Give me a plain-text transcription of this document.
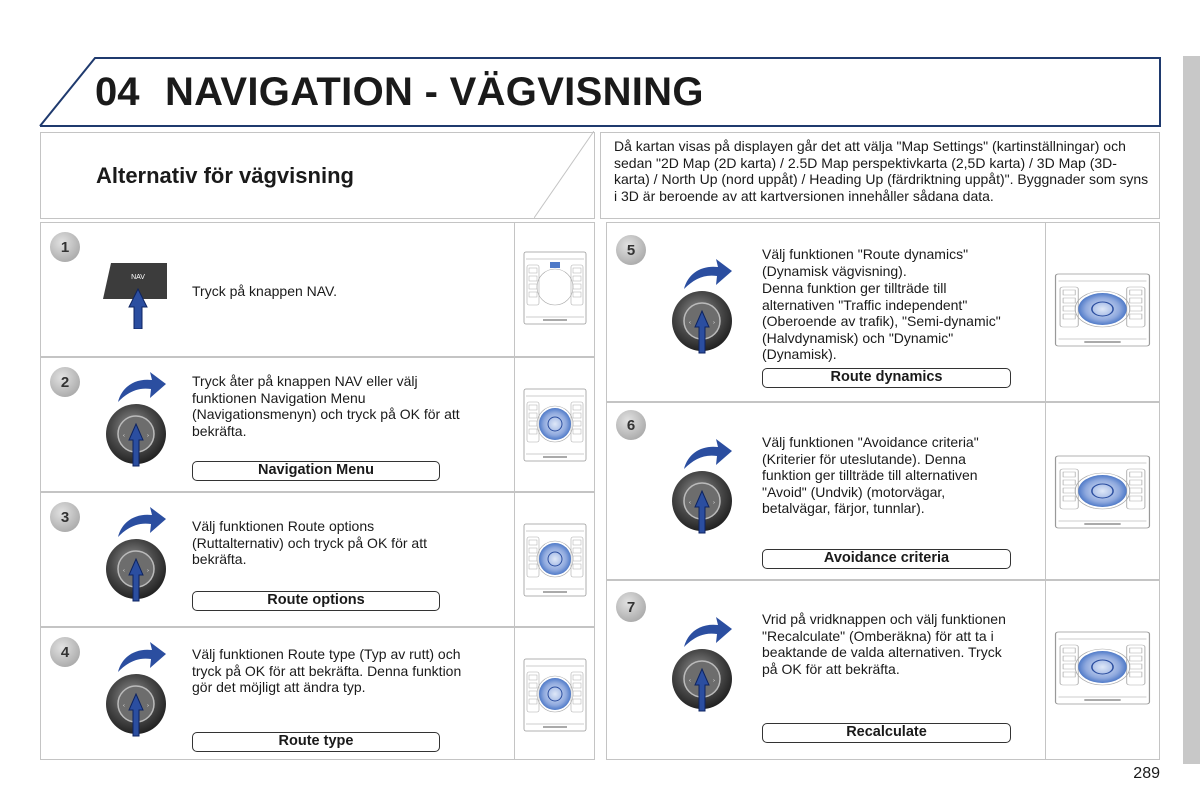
04 NAVIGATION - VÄGVISNING
Alternativ för vägvisning
Då kartan visas på displayen går det att välja "Map Settings" (kartinställningar) och sedan "2D Map (2D karta) / 2.5D Map perspektivkarta (2,5D karta) / 3D Map (3D-karta) / North Up (nord uppåt) / Heading Up (färdriktning uppåt)". Byggnader som syns i 3D är beroende av att kartversionen innehåller sådana data.
1
NAV
Tryck på knappen NAV.
2	Tryck åter på knappen NAV eller välj funktionen Navigation Menu (Navigationsmenyn) och tryck på OK för att bekräfta.
Navigation Menu
3
Välj funktionen Route options (Ruttalternativ) och tryck på OK för att bekräfta.
Route options
4	Välj funktionen Route type (Typ av rutt) och tryck på OK för att bekräfta. Denna funktion gör det möjligt att ändra typ.
Route type
5	Välj funktionen "Route dynamics" (Dynamisk vägvisning).
Denna funktion ger tillträde till alternativen "Traffic independent" (Oberoende av trafik), "Semi-dynamic" (Halvdynamisk) och "Dynamic" (Dynamisk).
Route dynamics
6
Välj funktionen "Avoidance criteria" (Kriterier för uteslutande). Denna funktion ger tillträde till alternativen "Avoid" (Undvik) (motorvägar, betalvägar, färjor, tunnlar).
Avoidance criteria
7
Vrid på vridknappen och välj funktionen "Recalculate" (Omberäkna) för att ta i beaktande de valda alternativen. Tryck på OK för att bekräfta.
Recalculate
289
